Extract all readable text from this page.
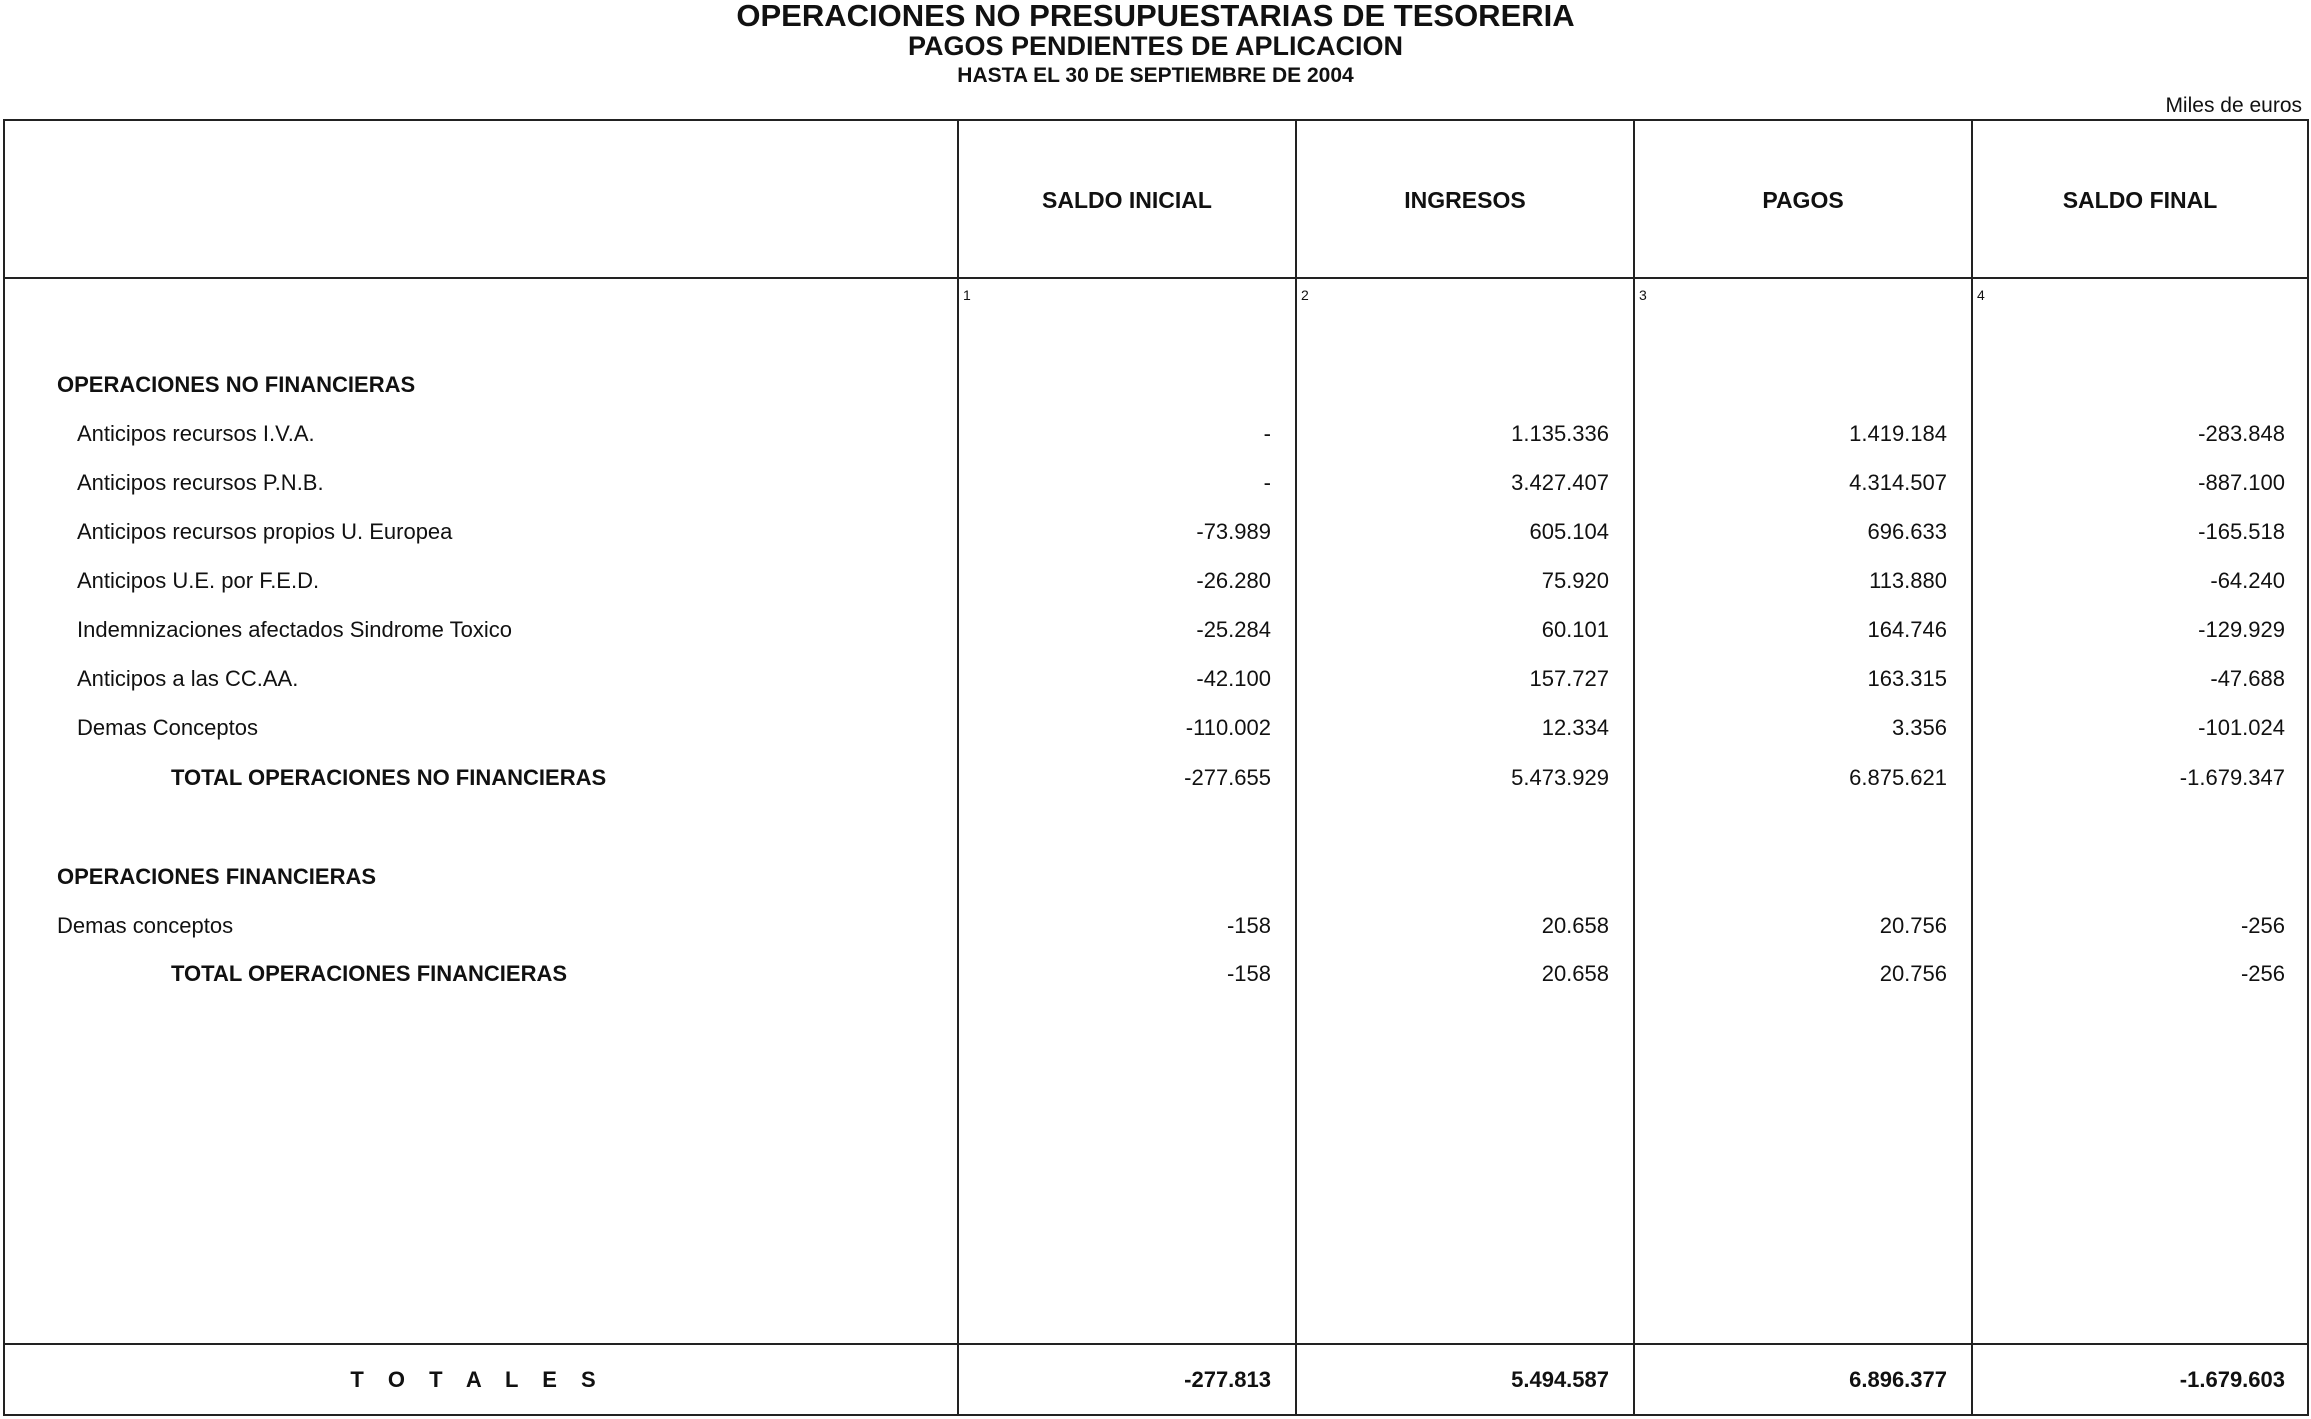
OPERACIONES NO PRESUPUESTARIAS DE TESORERIA
PAGOS PENDIENTES DE APLICACION
HASTA EL 30 DE SEPTIEMBRE DE 2004
Miles de euros
SALDO INICIAL	INGRESOS	PAGOS	SALDO FINAL
1	2	3	4
OPERACIONES NO FINANCIERAS
Anticipos recursos I.V.A.	-	1.135.336	1.419.184	-283.848
Anticipos recursos P.N.B.	-	3.427.407	4.314.507	-887.100
Anticipos recursos propios U. Europea	-73.989	605.104	696.633	-165.518
Anticipos U.E. por F.E.D.	-26.280	75.920	113.880	-64.240
Indemnizaciones afectados Sindrome Toxico	-25.284	60.101	164.746	-129.929
Anticipos a las CC.AA.	-42.100	157.727	163.315	-47.688
Demas Conceptos	-110.002	12.334	3.356	-101.024
TOTAL OPERACIONES NO FINANCIERAS	-277.655	5.473.929	6.875.621	-1.679.347
OPERACIONES FINANCIERAS
Demas conceptos	-158	20.658	20.756	-256
TOTAL OPERACIONES FINANCIERAS	-158	20.658	20.756	-256
T O T A L E S	-277.813	5.494.587	6.896.377	-1.679.603
